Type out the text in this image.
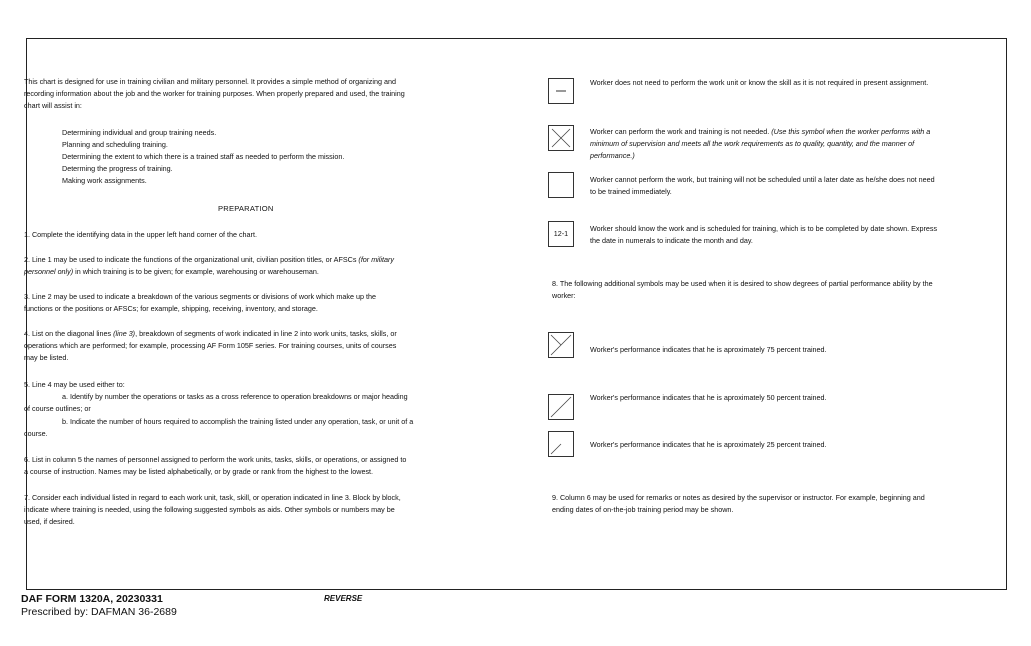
This chart is designed for use in training civilian and military personnel. It provides a simple method of organizing and
recording information about the job and the worker for training purposes. When properly prepared and used, the training
chart will assist in:
Determining individual and group training needs.
Planning and scheduling training.
Determining the extent to which there is a trained staff as needed to perform the mission.
Determing the progress of training.
Making work assignments.
PREPARATION
1. Complete the identifying data in the upper left hand corner of the chart.
2. Line 1 may be used to indicate the functions of the organizational unit, civilian position titles, or AFSCs (for military
personnel only) in which training is to be given; for example, warehousing or warehouseman.
3. Line 2 may be used to indicate a breakdown of the various segments or divisions of work which make up the
functions or the positions or AFSCs; for example, shipping, receiving, inventory, and storage.
4. List on the diagonal lines (line 3), breakdown of segments of work indicated in line 2 into work units, tasks, skills, or
operations which are performed; for example, processing AF Form 105F series. For training courses, units of courses
may be listed.
5. Line 4 may be used either to:
a. Identify by number the operations or tasks as a cross reference to operation breakdowns or major heading
of course outlines; or
b. Indicate the number of hours required to accomplish the training listed under any operation, task, or unit of a
course.
6. List in column 5 the names of personnel assigned to perform the work units, tasks, skills, or operations, or assigned to
a course of instruction. Names may be listed alphabetically, or by grade or rank from the highest to the lowest.
7. Consider each individual listed in regard to each work unit, task, skill, or operation indicated in line 3. Block by block,
indicate where training is needed, using the following suggested symbols as aids. Other symbols or numbers may be
used, if desired.
Worker does not need to perform the work unit or know the skill as it is not required in present assignment.
Worker can perform the work and training is not needed. (Use this symbol when the worker performs with a
minimum of supervision and meets all the work requirements as to quality, quantity, and the manner of
performance.)
Worker cannot perform the work, but training will not be scheduled until a later date as he/she does not need
to be trained immediately.
12-1
Worker should know the work and is scheduled for training, which is to be completed by date shown. Express
the date in numerals to indicate the month and day.
8. The following additional symbols may be used when it is desired to show degrees of partial performance ability by the
worker:
Worker's performance indicates that he is aproximately 75 percent trained.
Worker's performance indicates that he is aproximately 50 percent trained.
Worker's performance indicates that he is aproximately 25 percent trained.
9. Column 6 may be used for remarks or notes as desired by the supervisor or instructor. For example, beginning and
ending dates of on-the-job training period may be shown.
DAF FORM 1320A, 20230331	REVERSE
Prescribed by: DAFMAN 36-2689
